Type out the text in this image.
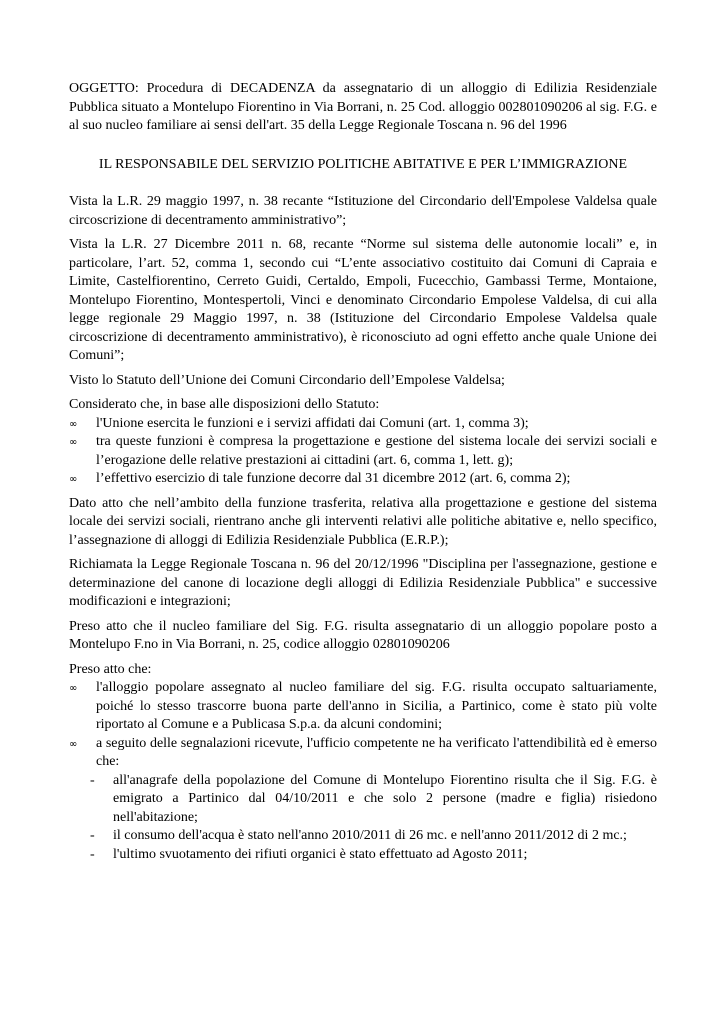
OGGETTO: Procedura di DECADENZA da assegnatario di un alloggio di Edilizia Residenziale Pubblica situato a Montelupo Fiorentino in Via Borrani, n. 25 Cod. alloggio 002801090206 al sig. F.G. e al suo nucleo familiare ai sensi dell'art. 35 della Legge Regionale Toscana n. 96 del 1996

IL RESPONSABILE DEL SERVIZIO POLITICHE ABITATIVE E PER L’IMMIGRAZIONE

Vista la L.R. 29 maggio 1997, n. 38 recante “Istituzione del Circondario dell'Empolese Valdelsa quale circoscrizione di decentramento amministrativo”;

Vista la L.R. 27 Dicembre 2011 n. 68, recante “Norme sul sistema delle autonomie locali” e, in particolare, l’art. 52, comma 1, secondo cui “L’ente associativo costituito dai Comuni di Capraia e Limite, Castelfiorentino, Cerreto Guidi, Certaldo, Empoli, Fucecchio, Gambassi Terme, Montaione, Montelupo Fiorentino, Montespertoli, Vinci e denominato Circondario Empolese Valdelsa, di cui alla legge regionale 29 Maggio 1997, n. 38 (Istituzione del Circondario Empolese Valdelsa quale circoscrizione di decentramento amministrativo), è riconosciuto ad ogni effetto anche quale Unione dei Comuni”;

Visto lo Statuto dell’Unione dei Comuni Circondario dell’Empolese Valdelsa;

Considerato che, in base alle disposizioni dello Statuto:

∞ l'Unione esercita le funzioni e i servizi affidati dai Comuni (art. 1, comma 3);
∞ tra queste funzioni è compresa la progettazione e gestione del sistema locale dei servizi sociali e l’erogazione delle relative prestazioni ai cittadini (art. 6, comma 1, lett. g);
∞ l’effettivo esercizio di tale funzione decorre dal 31 dicembre 2012 (art. 6, comma 2);

Dato atto che nell’ambito della funzione trasferita, relativa alla progettazione e gestione del sistema locale dei servizi sociali, rientrano anche gli interventi relativi alle politiche abitative e, nello specifico, l’assegnazione di alloggi di Edilizia Residenziale Pubblica (E.R.P.);

Richiamata la Legge Regionale Toscana n. 96 del 20/12/1996 "Disciplina per l'assegnazione, gestione e determinazione del canone di locazione degli alloggi di Edilizia Residenziale Pubblica" e successive modificazioni e integrazioni;

Preso atto che il nucleo familiare del Sig. F.G. risulta assegnatario di un alloggio popolare posto a Montelupo F.no in Via Borrani, n. 25, codice alloggio 02801090206

Preso atto che:

∞ l'alloggio popolare assegnato al nucleo familiare del sig. F.G. risulta occupato saltuariamente, poiché lo stesso trascorre buona parte dell'anno in Sicilia, a Partinico, come è stato più volte riportato al Comune e a Publicasa S.p.a. da alcuni condomini;
∞ a seguito delle segnalazioni ricevute, l'ufficio competente ne ha verificato l'attendibilità ed è emerso che:
- all'anagrafe della popolazione del Comune di Montelupo Fiorentino risulta che il Sig. F.G. è emigrato a Partinico dal 04/10/2011 e che solo 2 persone (madre e figlia) risiedono nell'abitazione;
- il consumo dell'acqua è stato nell'anno 2010/2011 di 26 mc. e nell'anno 2011/2012 di 2 mc.;
- l'ultimo svuotamento dei rifiuti organici è stato effettuato ad Agosto 2011;
